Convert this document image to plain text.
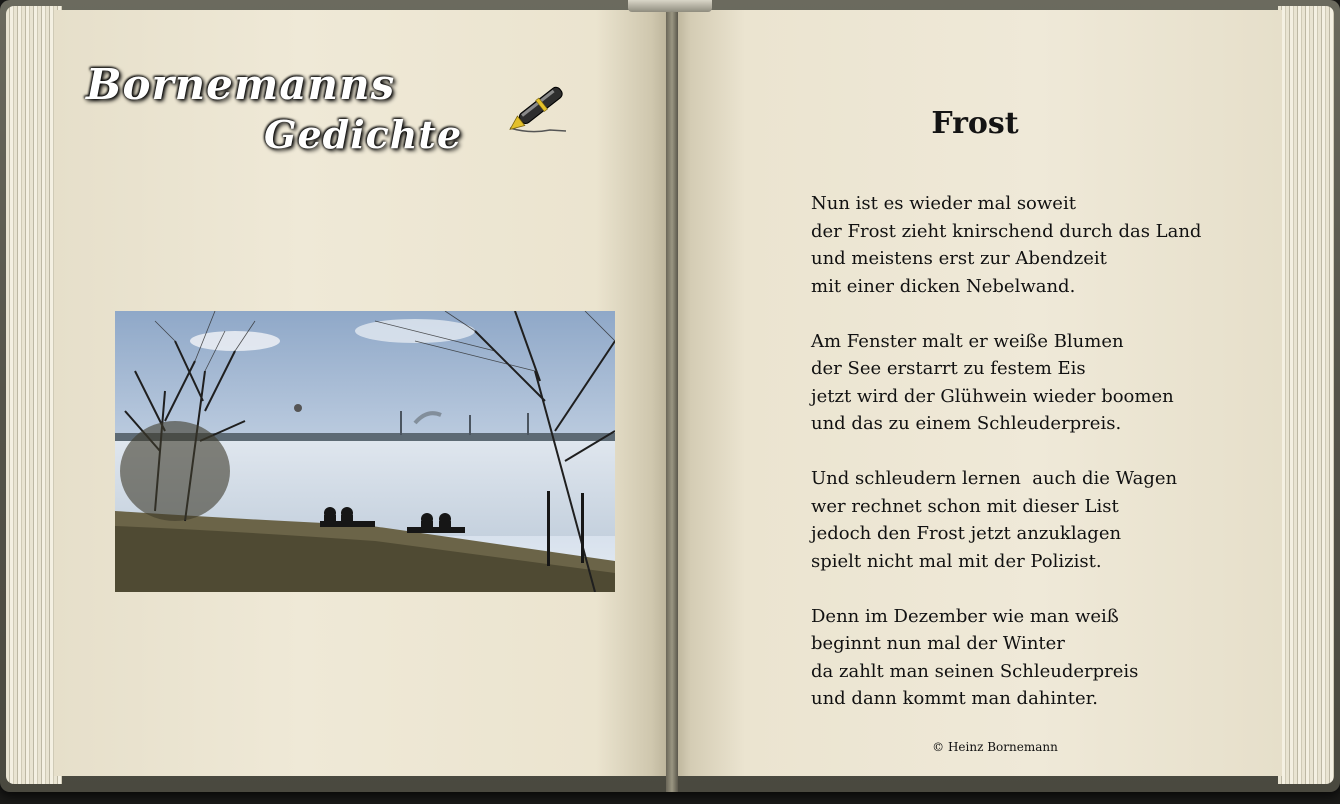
Bornemanns
Gedichte	Frost
Nun ist es wieder mal soweit
der Frost zieht knirschend durch das Land
und meistens erst zur Abendzeit
mit einer dicken Nebelwand.
Am Fenster malt er weiße Blumen
der See erstarrt zu festem Eis
jetzt wird der Glühwein wieder boomen
und das zu einem Schleuderpreis.
Und schleudern lernen  auch die Wagen
wer rechnet schon mit dieser List
jedoch den Frost jetzt anzuklagen
spielt nicht mal mit der Polizist.
Denn im Dezember wie man weiß
beginnt nun mal der Winter
da zahlt man seinen Schleuderpreis
und dann kommt man dahinter.
© Heinz Bornemann
